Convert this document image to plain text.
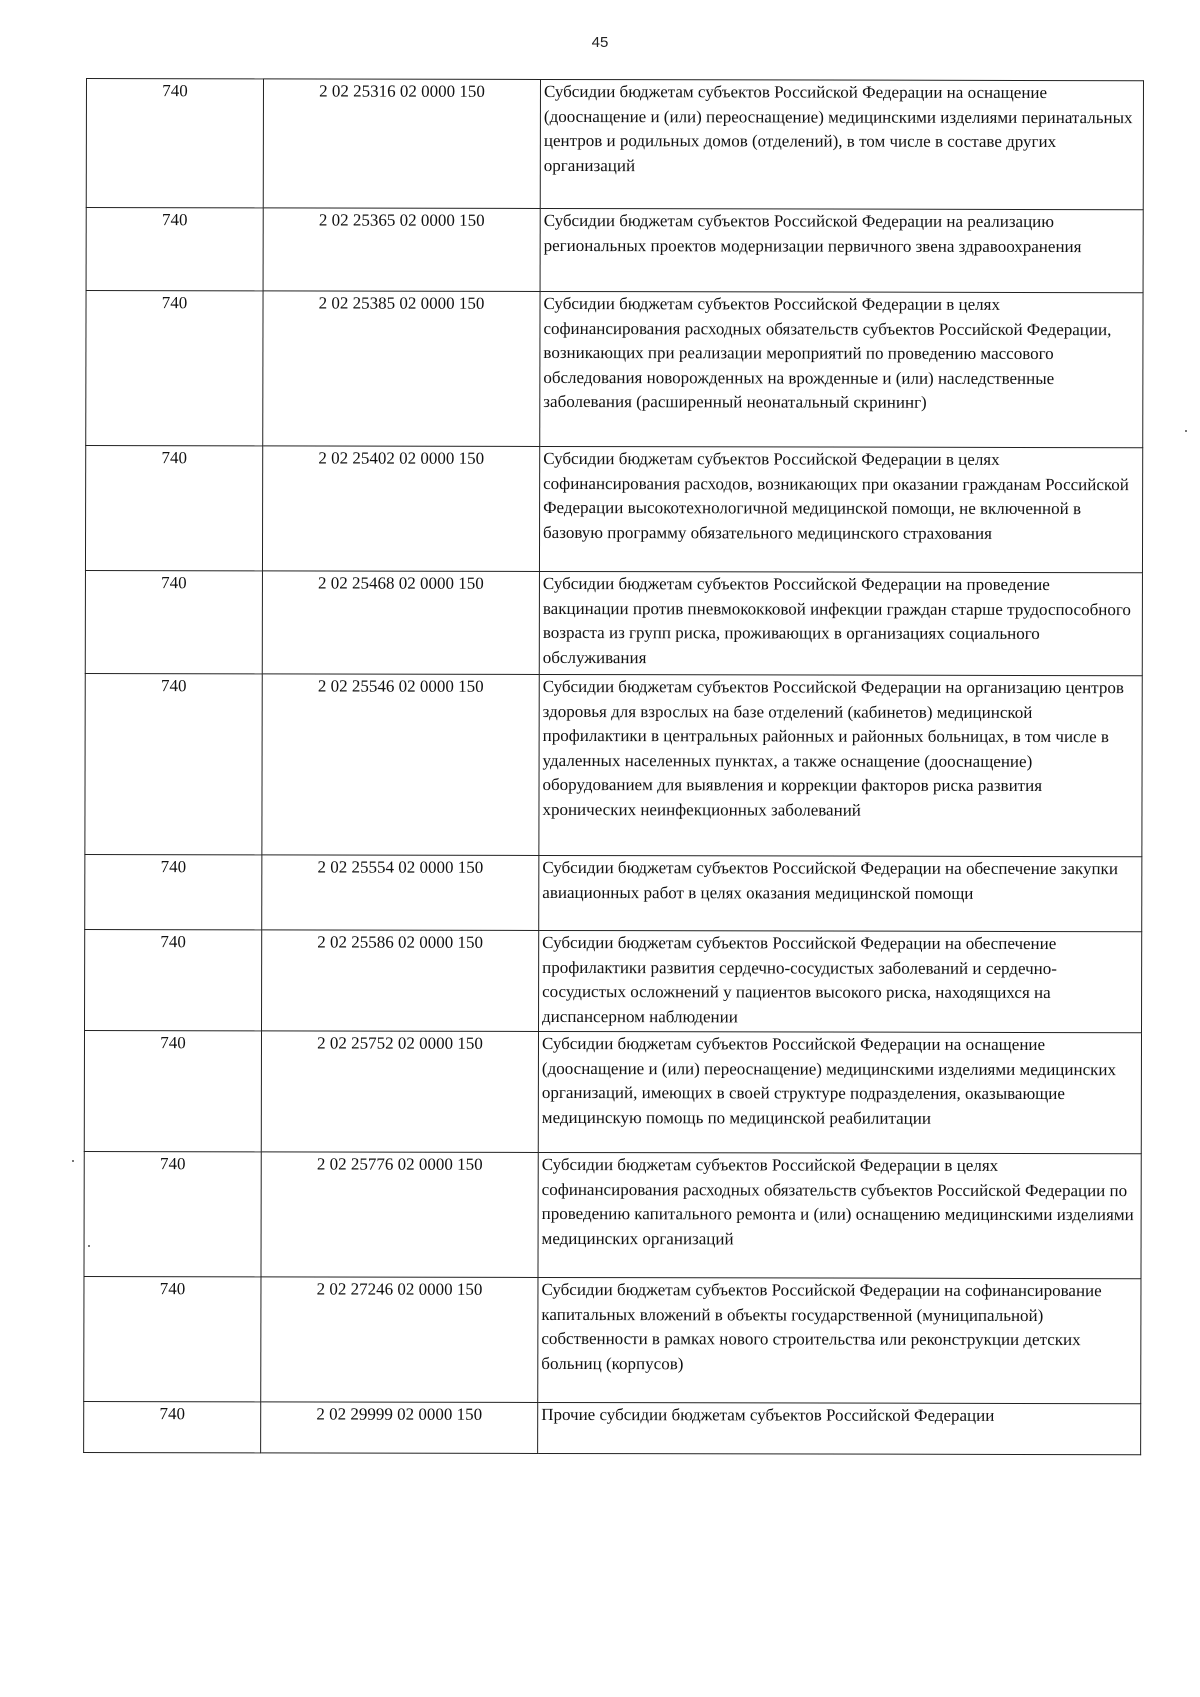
45
740	2 02 25316 02 0000 150	Субсидии бюджетам субъектов Российской Федерации на оснащение (дооснащение и (или) переоснащение) медицинскими изделиями перинатальных центров и родильных домов (отделений), в том числе в составе других организаций
740	2 02 25365 02 0000 150	Субсидии бюджетам субъектов Российской Федерации на реализацию региональных проектов модернизации первичного звена здравоохранения
740	2 02 25385 02 0000 150	Субсидии бюджетам субъектов Российской Федерации в целях софинансирования расходных обязательств субъектов Российской Федерации, возникающих при реализации мероприятий по проведению массового обследования новорожденных на врожденные и (или) наследственные заболевания (расширенный неонатальный скрининг)
740	2 02 25402 02 0000 150	Субсидии бюджетам субъектов Российской Федерации в целях софинансирования расходов, возникающих при оказании гражданам Российской Федерации высокотехнологичной медицинской помощи, не включенной в базовую программу обязательного медицинского страхования
740	2 02 25468 02 0000 150	Субсидии бюджетам субъектов Российской Федерации на проведение вакцинации против пневмококковой инфекции граждан старше трудоспособного возраста из групп риска, проживающих в организациях социального обслуживания
740	2 02 25546 02 0000 150	Субсидии бюджетам субъектов Российской Федерации на организацию центров здоровья для взрослых на базе отделений (кабинетов) медицинской профилактики в центральных районных и районных больницах, в том числе в удаленных населенных пунктах, а также оснащение (дооснащение) оборудованием для выявления и коррекции факторов риска развития хронических неинфекционных заболеваний
740	2 02 25554 02 0000 150	Субсидии бюджетам субъектов Российской Федерации на обеспечение закупки авиационных работ в целях оказания медицинской помощи
740	2 02 25586 02 0000 150	Субсидии бюджетам субъектов Российской Федерации на обеспечение профилактики развития сердечно-сосудистых заболеваний и сердечно-сосудистых осложнений у пациентов высокого риска, находящихся на диспансерном наблюдении
740	2 02 25752 02 0000 150	Субсидии бюджетам субъектов Российской Федерации на оснащение (дооснащение и (или) переоснащение) медицинскими изделиями медицинских организаций, имеющих в своей структуре подразделения, оказывающие медицинскую помощь по медицинской реабилитации
740	2 02 25776 02 0000 150	Субсидии бюджетам субъектов Российской Федерации в целях софинансирования расходных обязательств субъектов Российской Федерации по проведению капитального ремонта и (или) оснащению медицинскими изделиями медицинских организаций
740	2 02 27246 02 0000 150	Субсидии бюджетам субъектов Российской Федерации на софинансирование капитальных вложений в объекты государственной (муниципальной) собственности в рамках нового строительства или реконструкции детских больниц (корпусов)
740	2 02 29999 02 0000 150	Прочие субсидии бюджетам субъектов Российской Федерации
